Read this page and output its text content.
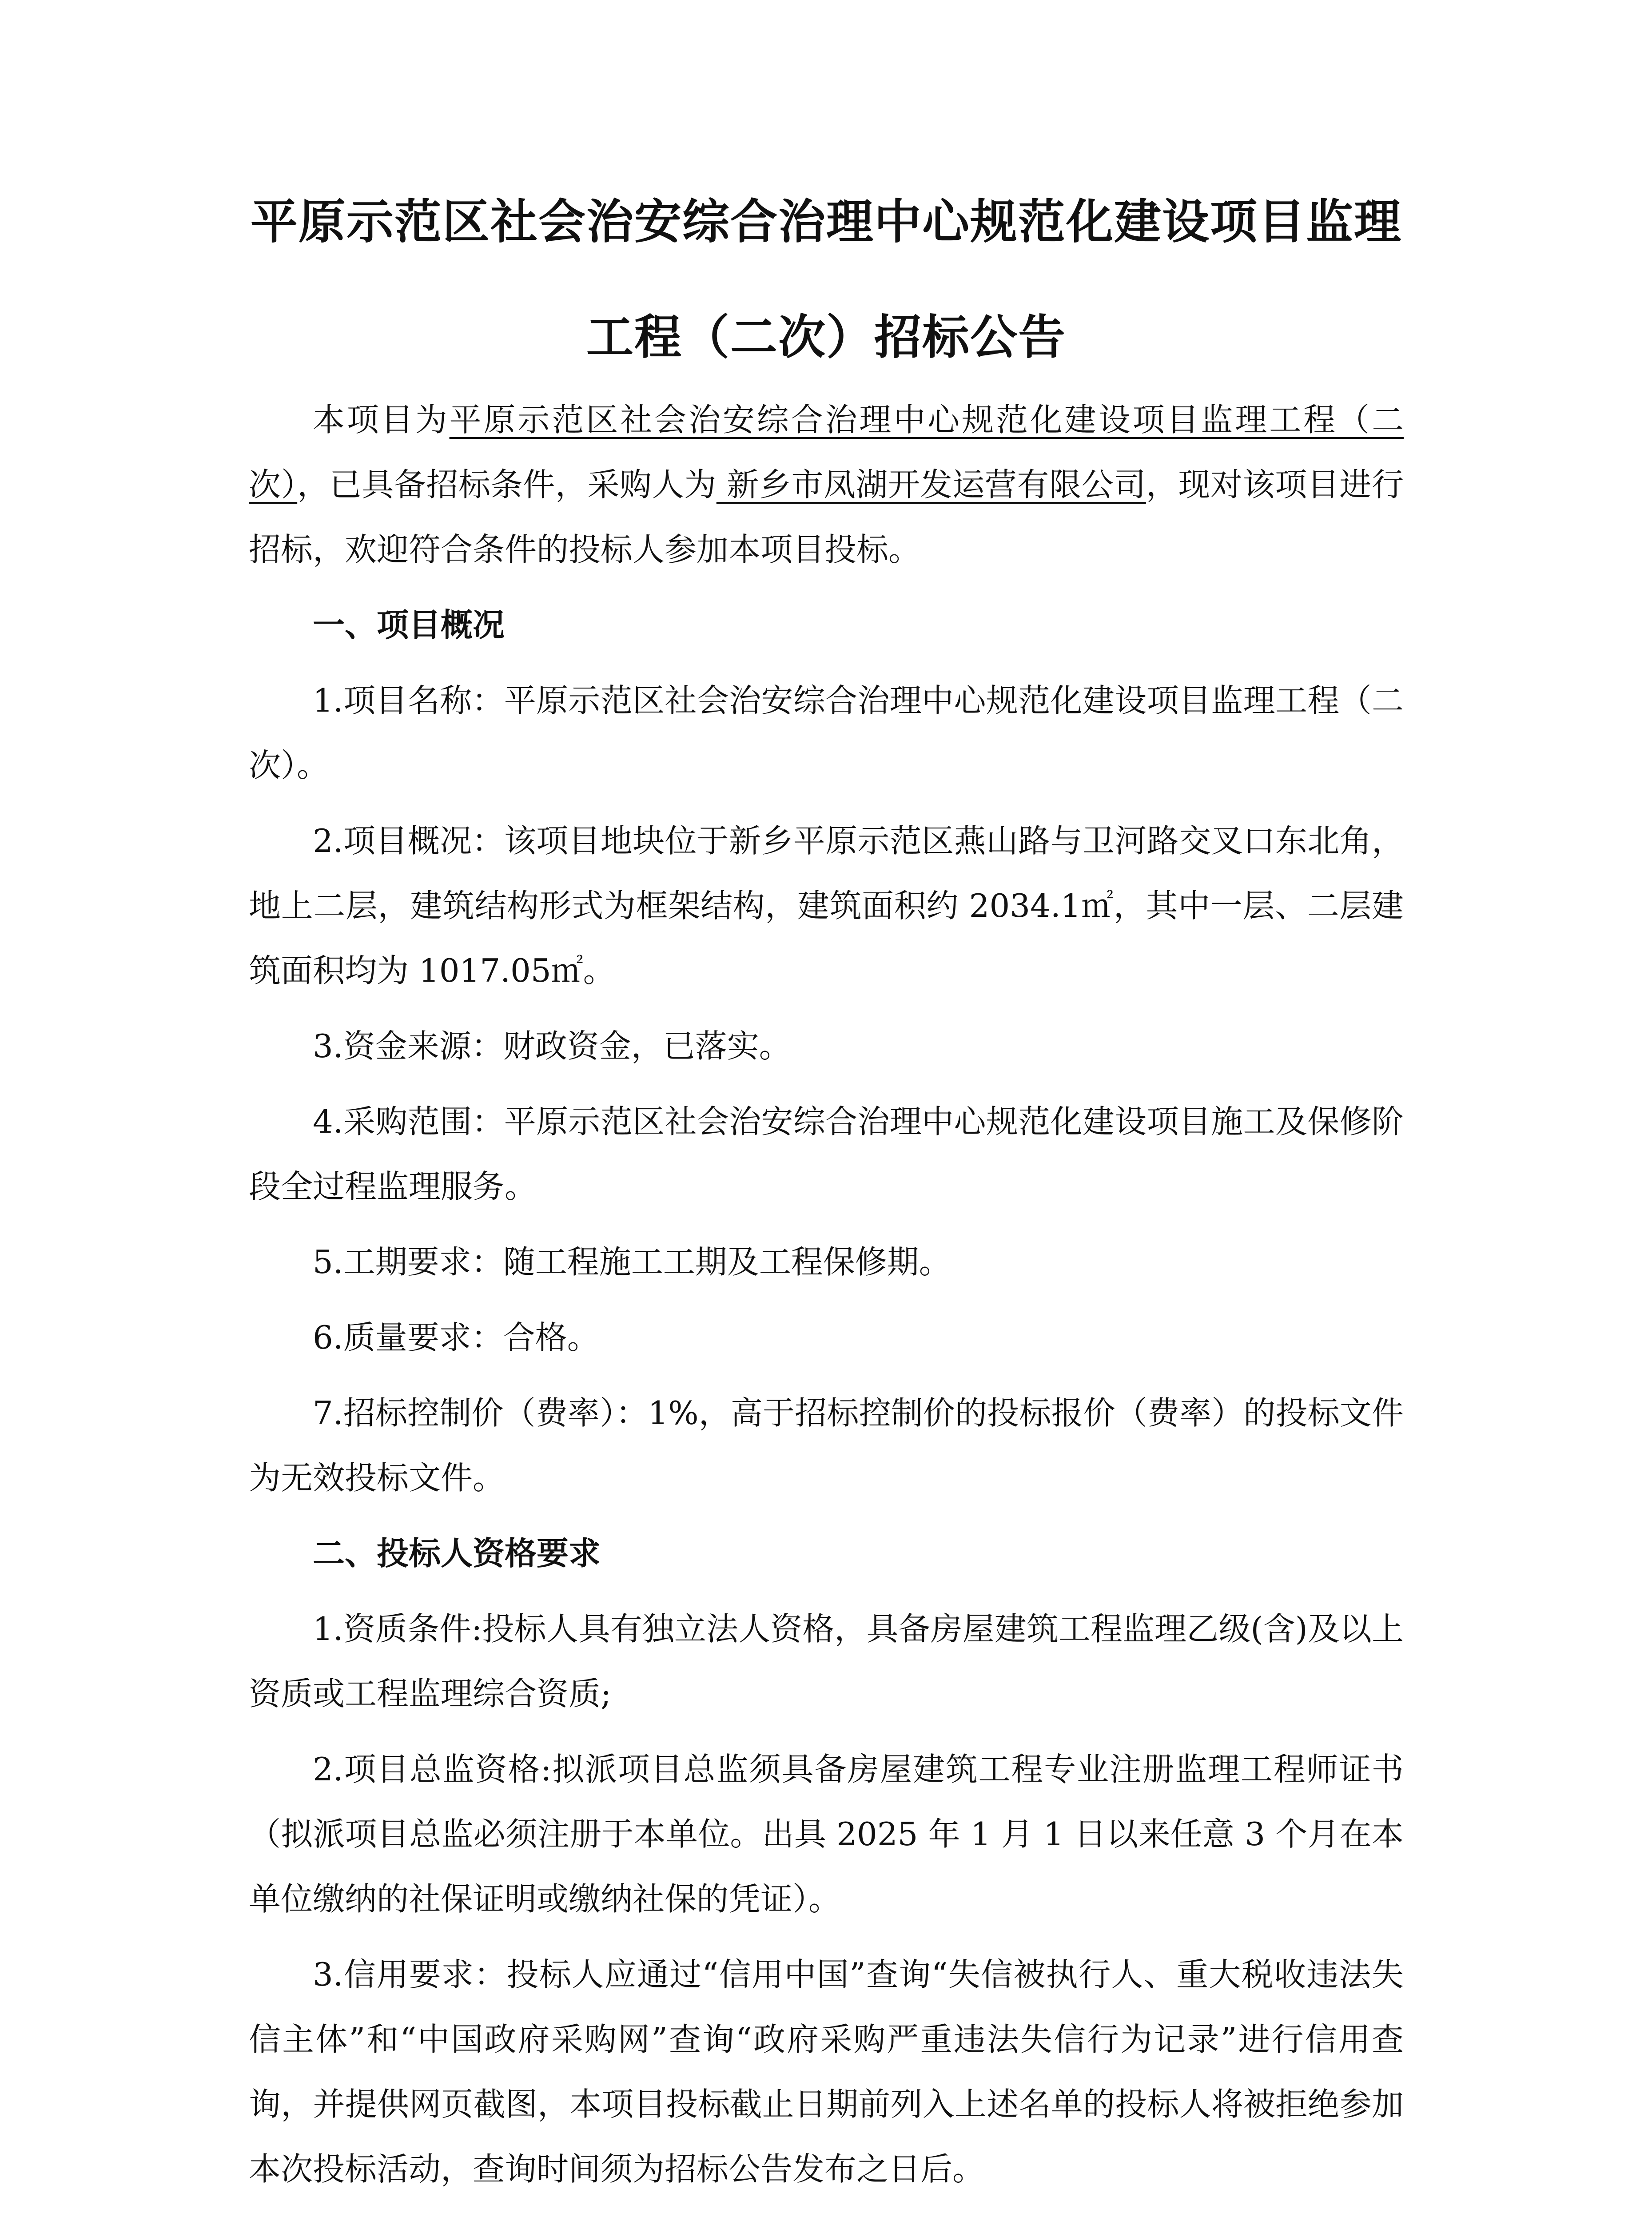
平原示范区社会治安综合治理中心规范化建设项目监理
工程（二次）招标公告

本项目为平原示范区社会治安综合治理中心规范化建设项目监理工程（二次），已具备招标条件，采购人为 新乡市凤湖开发运营有限公司，现对该项目进行招标，欢迎符合条件的投标人参加本项目投标。

一、项目概况

1.项目名称：平原示范区社会治安综合治理中心规范化建设项目监理工程（二次）。

2.项目概况：该项目地块位于新乡平原示范区燕山路与卫河路交叉口东北角，地上二层，建筑结构形式为框架结构，建筑面积约 2034.1㎡，其中一层、二层建筑面积均为 1017.05㎡。

3.资金来源：财政资金，已落实。

4.采购范围：平原示范区社会治安综合治理中心规范化建设项目施工及保修阶段全过程监理服务。

5.工期要求：随工程施工工期及工程保修期。

6.质量要求：合格。

7.招标控制价（费率）：1%，高于招标控制价的投标报价（费率）的投标文件为无效投标文件。

二、投标人资格要求

1.资质条件:投标人具有独立法人资格，具备房屋建筑工程监理乙级(含)及以上资质或工程监理综合资质;

2.项目总监资格:拟派项目总监须具备房屋建筑工程专业注册监理工程师证书（拟派项目总监必须注册于本单位。出具 2025 年 1 月 1 日以来任意 3 个月在本单位缴纳的社保证明或缴纳社保的凭证）。

3.信用要求：投标人应通过“信用中国”查询“失信被执行人、重大税收违法失信主体”和“中国政府采购网”查询“政府采购严重违法失信行为记录”进行信用查询，并提供网页截图，本项目投标截止日期前列入上述名单的投标人将被拒绝参加本次投标活动，查询时间须为招标公告发布之日后。
